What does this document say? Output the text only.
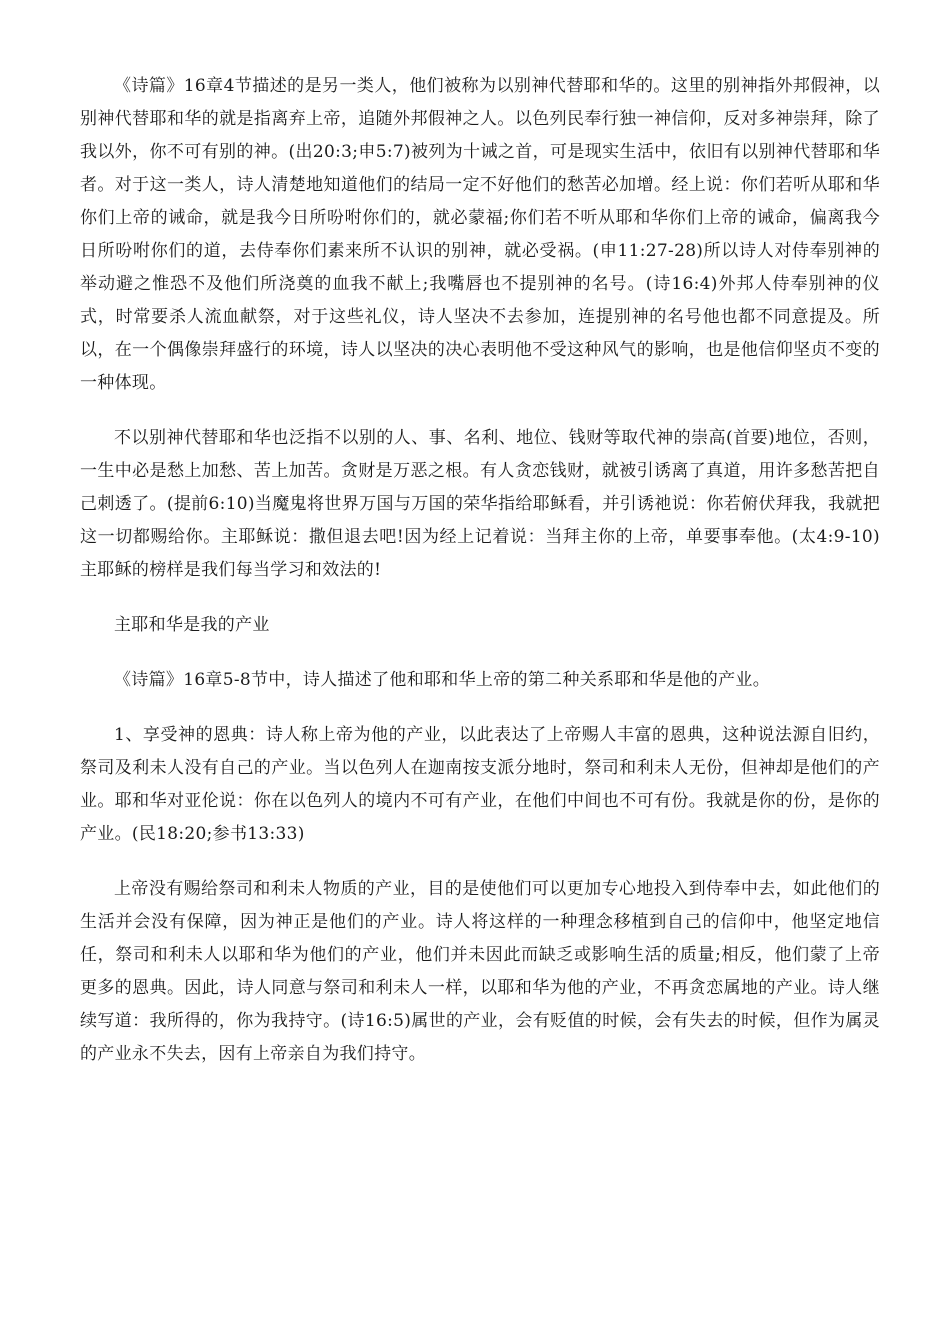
《诗篇》16章4节描述的是另一类人，他们被称为以别神代替耶和华的。这里的别神指外邦假神，以别神代替耶和华的就是指离弃上帝，追随外邦假神之人。以色列民奉行独一神信仰，反对多神崇拜，除了我以外，你不可有别的神。(出20:3;申5:7)被列为十诫之首，可是现实生活中，依旧有以别神代替耶和华者。对于这一类人，诗人清楚地知道他们的结局一定不好他们的愁苦必加增。经上说：你们若听从耶和华你们上帝的诫命，就是我今日所吩咐你们的，就必蒙福;你们若不听从耶和华你们上帝的诫命，偏离我今日所吩咐你们的道，去侍奉你们素来所不认识的别神，就必受祸。(申11:27-28)所以诗人对侍奉别神的举动避之惟恐不及他们所浇奠的血我不献上;我嘴唇也不提别神的名号。(诗16:4)外邦人侍奉别神的仪式，时常要杀人流血献祭，对于这些礼仪，诗人坚决不去参加，连提别神的名号他也都不同意提及。所以，在一个偶像崇拜盛行的环境，诗人以坚决的决心表明他不受这种风气的影响，也是他信仰坚贞不变的一种体现。

不以别神代替耶和华也泛指不以别的人、事、名利、地位、钱财等取代神的崇高(首要)地位，否则，一生中必是愁上加愁、苦上加苦。贪财是万恶之根。有人贪恋钱财，就被引诱离了真道，用许多愁苦把自己刺透了。(提前6:10)当魔鬼将世界万国与万国的荣华指给耶稣看，并引诱祂说：你若俯伏拜我，我就把这一切都赐给你。主耶稣说：撒但退去吧!因为经上记着说：当拜主你的上帝，单要事奉他。(太4:9-10)主耶稣的榜样是我们每当学习和效法的!

主耶和华是我的产业

《诗篇》16章5-8节中，诗人描述了他和耶和华上帝的第二种关系耶和华是他的产业。

1、享受神的恩典：诗人称上帝为他的产业，以此表达了上帝赐人丰富的恩典，这种说法源自旧约，祭司及利未人没有自己的产业。当以色列人在迦南按支派分地时，祭司和利未人无份，但神却是他们的产业。耶和华对亚伦说：你在以色列人的境内不可有产业，在他们中间也不可有份。我就是你的份，是你的产业。(民18:20;参书13:33)

上帝没有赐给祭司和利未人物质的产业，目的是使他们可以更加专心地投入到侍奉中去，如此他们的生活并会没有保障，因为神正是他们的产业。诗人将这样的一种理念移植到自己的信仰中，他坚定地信任，祭司和利未人以耶和华为他们的产业，他们并未因此而缺乏或影响生活的质量;相反，他们蒙了上帝更多的恩典。因此，诗人同意与祭司和利未人一样，以耶和华为他的产业，不再贪恋属地的产业。诗人继续写道：我所得的，你为我持守。(诗16:5)属世的产业，会有贬值的时候，会有失去的时候，但作为属灵的产业永不失去，因有上帝亲自为我们持守。
